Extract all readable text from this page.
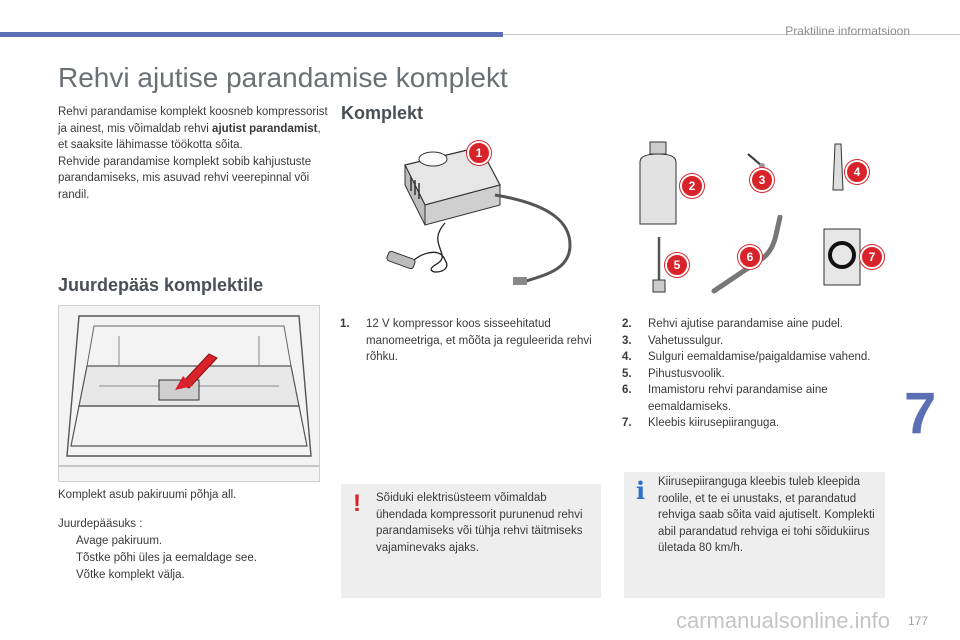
Praktiline informatsioon
Rehvi ajutise parandamise komplekt
Rehvi parandamise komplekt koosneb kompressorist ja ainest, mis võimaldab rehvi ajutist parandamist, et saaksite lähimasse töökotta sõita.
Rehvide parandamise komplekt sobib kahjustuste parandamiseks, mis asuvad rehvi veerepinnal või randil.
Juurdepääs komplektile
Komplekt asub pakiruumi põhja all.
Juurdepääsuks :
Avage pakiruum.
Tõstke põhi üles ja eemaldage see.
Võtke komplekt välja.
Komplekt
1
2	3
4
5
6	7
1.	12 V kompressor koos sisseehitatud manomeetriga, et mõõta ja reguleerida rehvi rõhku.
2.	Rehvi ajutise parandamise aine pudel.
3.	Vahetussulgur.
4.	Sulguri eemaldamise/paigaldamise vahend.
5.	Pihustusvoolik.
6.	Imamistoru rehvi parandamise aine eemaldamiseks.
7.	Kleebis kiirusepiiranguga.
! Sõiduki elektrisüsteem võimaldab ühendada kompressorit purunenud rehvi parandamiseks või tühja rehvi täitmiseks vajaminevaks ajaks.
i Kiirusepiiranguga kleebis tuleb kleepida roolile, et te ei unustaks, et parandatud rehviga saab sõita vaid ajutiselt. Komplekti abil parandatud rehviga ei tohi sõidukiirus ületada 80 km/h.
7
carmanualsonline.info 177
